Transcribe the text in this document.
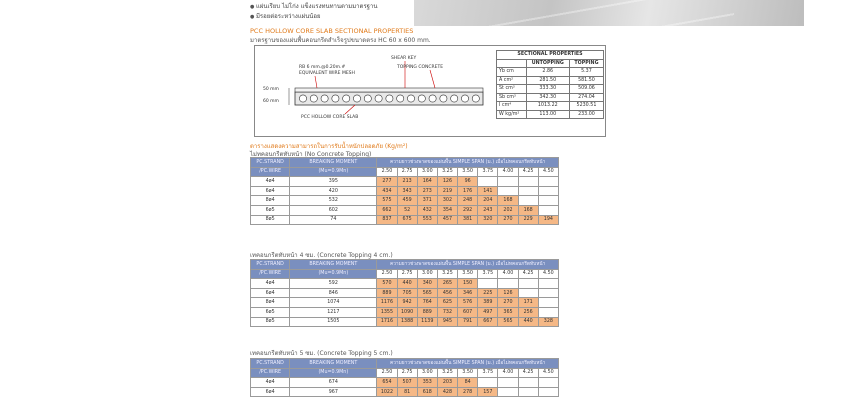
● แผ่นเรียบ ไม่โก่ง แข็งแรงทนทานตามมาตรฐาน
● มีรอยต่อระหว่างแผ่นน้อย
PCC HOLLOW CORE SLAB SECTIONAL PROPERTIES
มาตรฐานของแผ่นพื้นคอนกรีตสำเร็จรูปขนาดตรง HC 60 x 600 mm.
50 mm
60 mm
RB 6 mm.@0.20m.#
EQUIVALENT WIRE MESH
SHEAR KEY
TOPPING CONCRETE
PCC HOLLOW CORE SLAB
SECTIONAL PROPERTIES		
	UNTOPPING	TOPPING
Yb cm	2.86	5.37
A cm²	281.50	581.50
St cm³	333.30	509.06
Sb cm³	342.30	274.04
I cm⁴	1013.22	5230.51
W kg/m²	113.00	233.00
ตารางแสดงความสามารถในการรับน้ำหนักปลอดภัย (Kg/m²)
ไม่ทคอนกรีตทับหน้า (No Concrete Topping)
PC.STRAND	BREAKING MOMENT	ความยาวช่วงพาดของแผ่นพื้น SIMPLE SPAN (ม.) เมื่อไม่ทคอนกรีตทับหน้า								
/PC.WIRE	(Mu=0.9Mn)	2.50	2.75	3.00	3.25	3.50	3.75	4.00	4.25	4.50
4ø4	395	277	213	164	126	96				
6ø4	420	434	343	273	219	176	141			
8ø4	532	575	459	371	302	248	204	168		
6ø5	602	662	52	432	354	292	243	202	168	
8ø5	74	837	675	553	457	381	320	270	229	194
เทคอนกรีตทับหน้า 4 ซม. (Concrete Topping 4 cm.)
PC.STRAND	BREAKING MOMENT	ความยาวช่วงพาดของแผ่นพื้น SIMPLE SPAN (ม.) เมื่อไม่ทคอนกรีตทับหน้า								
/PC.WIRE	(Mu=0.9Mn)	2.50	2.75	3.00	3.25	3.50	3.75	4.00	4.25	4.50
4ø4	592	570	440	340	265	150				
6ø4	846	889	705	565	456	346	225	126		
8ø4	1074	1176	942	764	625	576	389	270	171	
6ø5	1217	1355	1090	889	732	607	497	365	256	
8ø5	1505	1716	1388	1139	945	791	667	565	440	328
เทคอนกรีตทับหน้า 5 ซม. (Concrete Topping 5 cm.)
PC.STRAND	BREAKING MOMENT	ความยาวช่วงพาดของแผ่นพื้น SIMPLE SPAN (ม.) เมื่อไม่ทคอนกรีตทับหน้า								
/PC.WIRE	(Mu=0.9Mn)	2.50	2.75	3.00	3.25	3.50	3.75	4.00	4.25	4.50
4ø4	674	654	507	353	203	84				
6ø4	967	1022	81	618	428	278	157			
